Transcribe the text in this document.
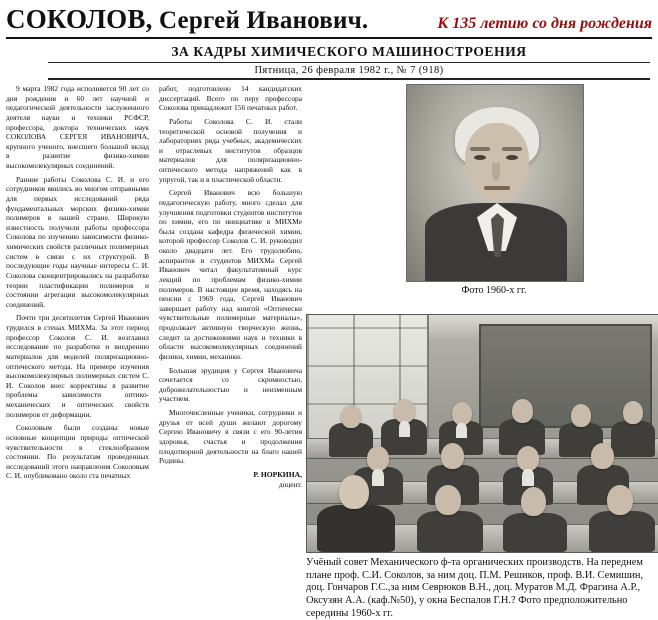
СОКОЛОВ, Сергей Иванович.	К 135 летию со дня рождения
ЗА КАДРЫ ХИМИЧЕСКОГО МАШИНОСТРОЕНИЯ
Пятница, 26 февраля 1982 г., № 7 (918)

9 марта 1982 года исполняется 90 лет со дня рождения и 60 лет научной и педагогической деятельности заслуженного деятеля науки и техники РСФСР, профессора, доктора технических наук СОКОЛОВА СЕРГЕЯ ИВАНОВИЧА, крупного ученого, внесшего большой вклад в развитие физико-химии высокомолекулярных соединений.

Ранние работы Соколова С. И. и его сотрудников явились во многом отправными для первых исследований ряда фундаментальных морских физико-химии полимеров в нашей стране. Широкую известность получили работы профессора Соколова по изучению зависимости физико-химических свойств различных полимерных систем в связи с их структурой. В последующие годы научные интересы С. И. Соколова сконцентрировались на разработке теории пластификации полимеров и состоянии агрегации высокомолекулярных соединений.

Почти три десятилетия Сергей Иванович трудился в стенах МИХМа. За этот период профессор Соколов С. И. возглавил исследование по разработке и внедрению материалов для моделей поляризационно-оптического метода. На примере изучения высокомолекулярных полимерных систем С. И. Соколов внес коррективы в развитие проблемы зависимости оптико-механических и оптических свойств полимеров от деформации.

Соколовым были созданы новые основные концепции природы оптической чувствительности в стеклообразном состоянии. По результатам проведенных исследований этого направления Соколовым С. И. опубликовано около ста печатных

работ, подготовлено 14 кандидатских диссертаций. Всего по перу профессора Соколова принадлежит 156 печатных работ.

Работы Соколова С. И. стали теоретической основой получения и лабораториях ряда учебных, академических и отраслевых институтов образцов материалов для поляризационно-оптического метода напряжений как в упругой, так и в пластической области.

Сергей Иванович всю большую педагогическую работу, много сделал для улучшения подготовки студентов институтов по химии, его по инициативе в МИХМе была создана кафедра физической химии, которой профессор Соколов С. И. руководил около двадцати лет. Его трудолюбию, аспирантов и студентов МИХМа Сергей Иванович читал факультативный курс лекций по проблемам физико-химии полимеров. В настоящее время, находясь на пенсии с 1969 года, Сергей Иванович завершает работу над книгой «Оптически чувствительные полимерные материалы», продолжает активную творческую жизнь, следит за достижениями наук и техники в области высокомолекулярных соединений физики, химии, механики.

Большая эрудиция у Сергея Ивановича сочетается со скромностью, доброжелательностью и неизменным участием.

Многочисленные ученики, сотрудники и друзья от всей души желают дорогому Сергею Ивановичу в связи с его 90-летия здоровья, счастья и продолжения плодотворной деятельности на благо нашей Родины.

Р. НОРКИНА,
доцент.

Фото 1960-х гг.
Учёный совет Механического ф-та органических производств. На переднем плане проф. С.И. Соколов, за ним доц. П.М. Решиков, проф. В.И. Семишин, доц. Гончаров Г.С.,за ним Севрюков В.Н., доц. Муратов М.Д. Фрагина А.Р., Оксузян А.А. (каф.№50), у окна Беспалов Г.Н.? Фото предположительно середины 1960-х гг.
